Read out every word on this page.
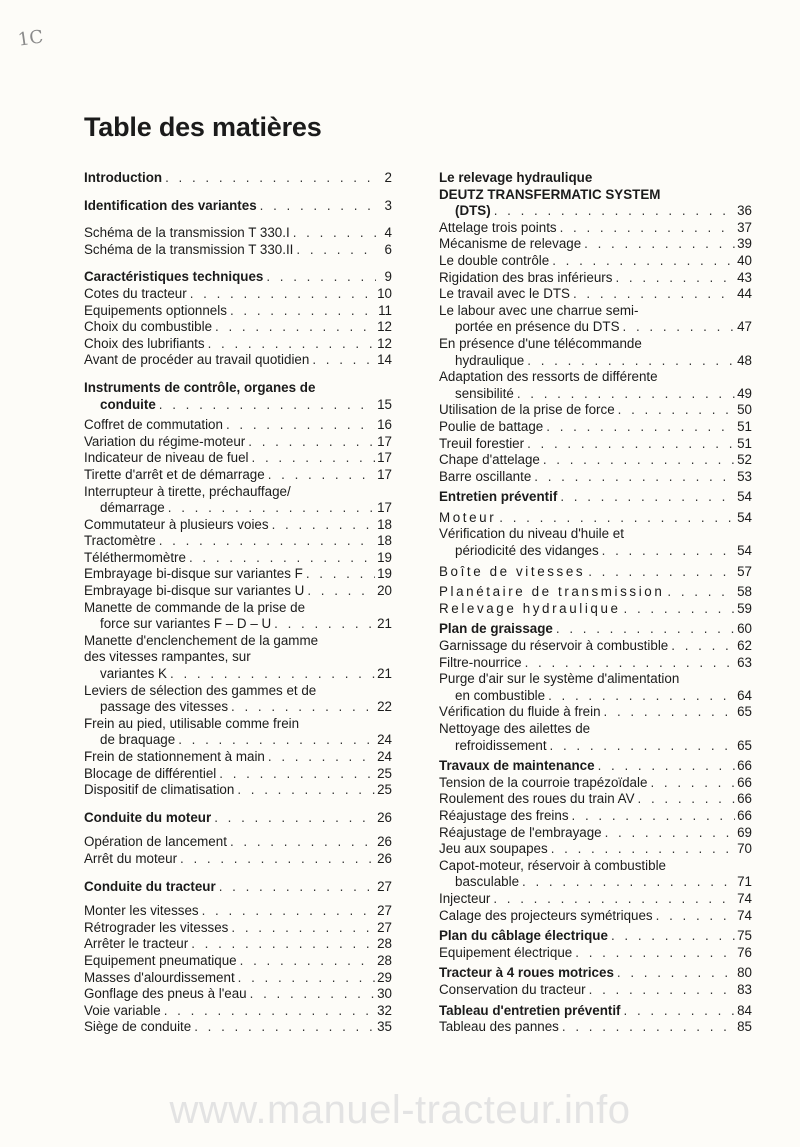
1C
Table des matières
Introduction . . .	2
Identification des variantes . . .	3
Schéma de la transmission T 330.I . . .	4
Schéma de la transmission T 330.II . . .	6
Caractéristiques techniques . . .	9
Cotes du tracteur . . .	10
Equipements optionnels . . .	11
Choix du combustible . . .	12
Choix des lubrifiants . . .	12
Avant de procéder au travail quotidien . . .	14
Instruments de contrôle, organes de
conduite . . .	15
Coffret de commutation . . .	16
Variation du régime-moteur . . .	17
Indicateur de niveau de fuel . . .	17
Tirette d'arrêt et de démarrage . . .	17
Interrupteur à tirette, préchauffage/
démarrage . . .	17
Commutateur à plusieurs voies . . .	18
Tractomètre . . .	18
Téléthermomètre . . .	19
Embrayage bi-disque sur variantes F . . .	19
Embrayage bi-disque sur variantes U . . .	20
Manette de commande de la prise de
force sur variantes F – D – U . . .	21
Manette d'enclenchement de la gamme
des vitesses rampantes, sur
variantes K . . .	21
Leviers de sélection des gammes et de
passage des vitesses . . .	22
Frein au pied, utilisable comme frein
de braquage . . .	24
Frein de stationnement à main . . .	24
Blocage de différentiel . . .	25
Dispositif de climatisation . . .	25
Conduite du moteur . . .	26
Opération de lancement . . .	26
Arrêt du moteur . . .	26
Conduite du tracteur . . .	27
Monter les vitesses . . .	27
Rétrograder les vitesses . . .	27
Arrêter le tracteur . . .	28
Equipement pneumatique . . .	28
Masses d'alourdissement . . .	29
Gonflage des pneus à l'eau . . .	30
Voie variable . . .	32
Siège de conduite . . .	35
Le relevage hydraulique
DEUTZ TRANSFERMATIC SYSTEM
(DTS) . . .	36
Attelage trois points . . .	37
Mécanisme de relevage . . .	39
Le double contrôle . . .	40
Rigidation des bras inférieurs . . .	43
Le travail avec le DTS . . .	44
Le labour avec une charrue semi-
portée en présence du DTS . . .	47
En présence d'une télécommande
hydraulique . . .	48
Adaptation des ressorts de différente
sensibilité . . .	49
Utilisation de la prise de force . . .	50
Poulie de battage . . .	51
Treuil forestier . . .	51
Chape d'attelage . . .	52
Barre oscillante . . .	53
Entretien préventif . . .	54
Moteur . . .	54
Vérification du niveau d'huile et
périodicité des vidanges . . .	54
Boîte de vitesses . . .	57
Planétaire de transmission . . .	58
Relevage hydraulique . . .	59
Plan de graissage . . .	60
Garnissage du réservoir à combustible . . .	62
Filtre-nourrice . . .	63
Purge d'air sur le système d'alimentation
en combustible . . .	64
Vérification du fluide à frein . . .	65
Nettoyage des ailettes de
refroidissement . . .	65
Travaux de maintenance . . .	66
Tension de la courroie trapézoïdale . . .	66
Roulement des roues du train AV . . .	66
Réajustage des freins . . .	66
Réajustage de l'embrayage . . .	69
Jeu aux soupapes . . .	70
Capot-moteur, réservoir à combustible
basculable . . .	71
Injecteur . . .	74
Calage des projecteurs symétriques . . .	74
Plan du câblage électrique . . .	75
Equipement électrique . . .	76
Tracteur à 4 roues motrices . . .	80
Conservation du tracteur . . .	83
Tableau d'entretien préventif . . .	84
Tableau des pannes . . .	85
www.manuel-tracteur.info
